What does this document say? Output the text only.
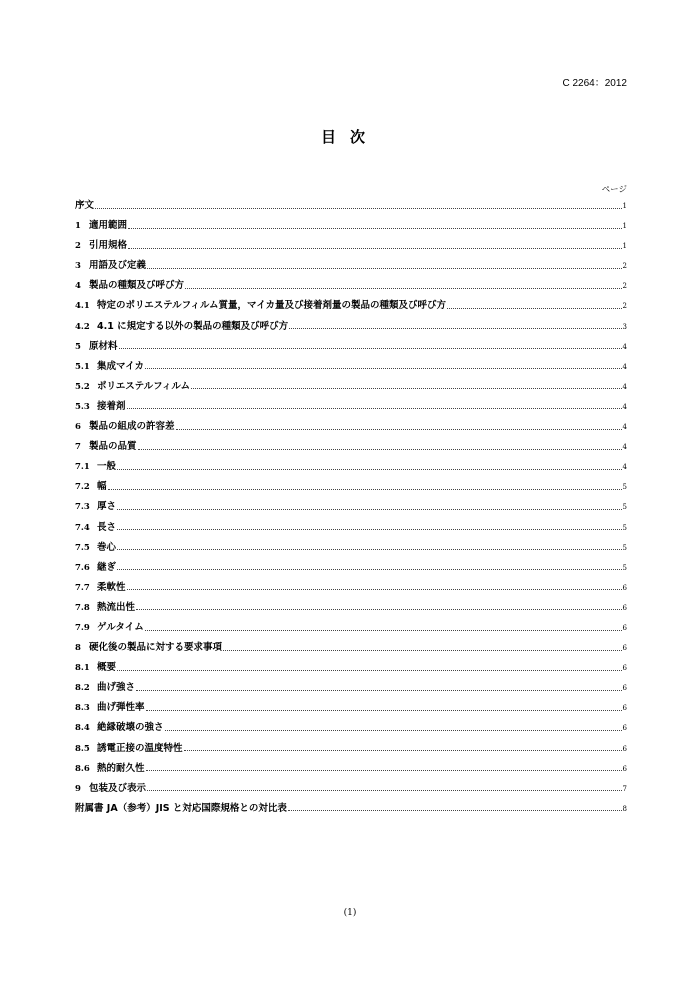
C 2264：2012
目次
ページ
序文	1
1 適用範囲	1
2 引用規格	1
3 用語及び定義	2
4 製品の種類及び呼び方	2
4.1 特定のポリエステルフィルム質量，マイカ量及び接着剤量の製品の種類及び呼び方	2
4.2 4.1 に規定する以外の製品の種類及び呼び方	3
5 原材料	4
5.1 集成マイカ	4
5.2 ポリエステルフィルム	4
5.3 接着剤	4
6 製品の組成の許容差	4
7 製品の品質	4
7.1 一般	4
7.2 幅	5
7.3 厚さ	5
7.4 長さ	5
7.5 巻心	5
7.6 継ぎ	5
7.7 柔軟性	6
7.8 熱流出性	6
7.9 ゲルタイム	6
8 硬化後の製品に対する要求事項	6
8.1 概要	6
8.2 曲げ強さ	6
8.3 曲げ弾性率	6
8.4 絶縁破壊の強さ	6
8.5 誘電正接の温度特性	6
8.6 熱的耐久性	6
9 包装及び表示	7
附属書 JA（参考）JIS と対応国際規格との対比表	8
(1)
